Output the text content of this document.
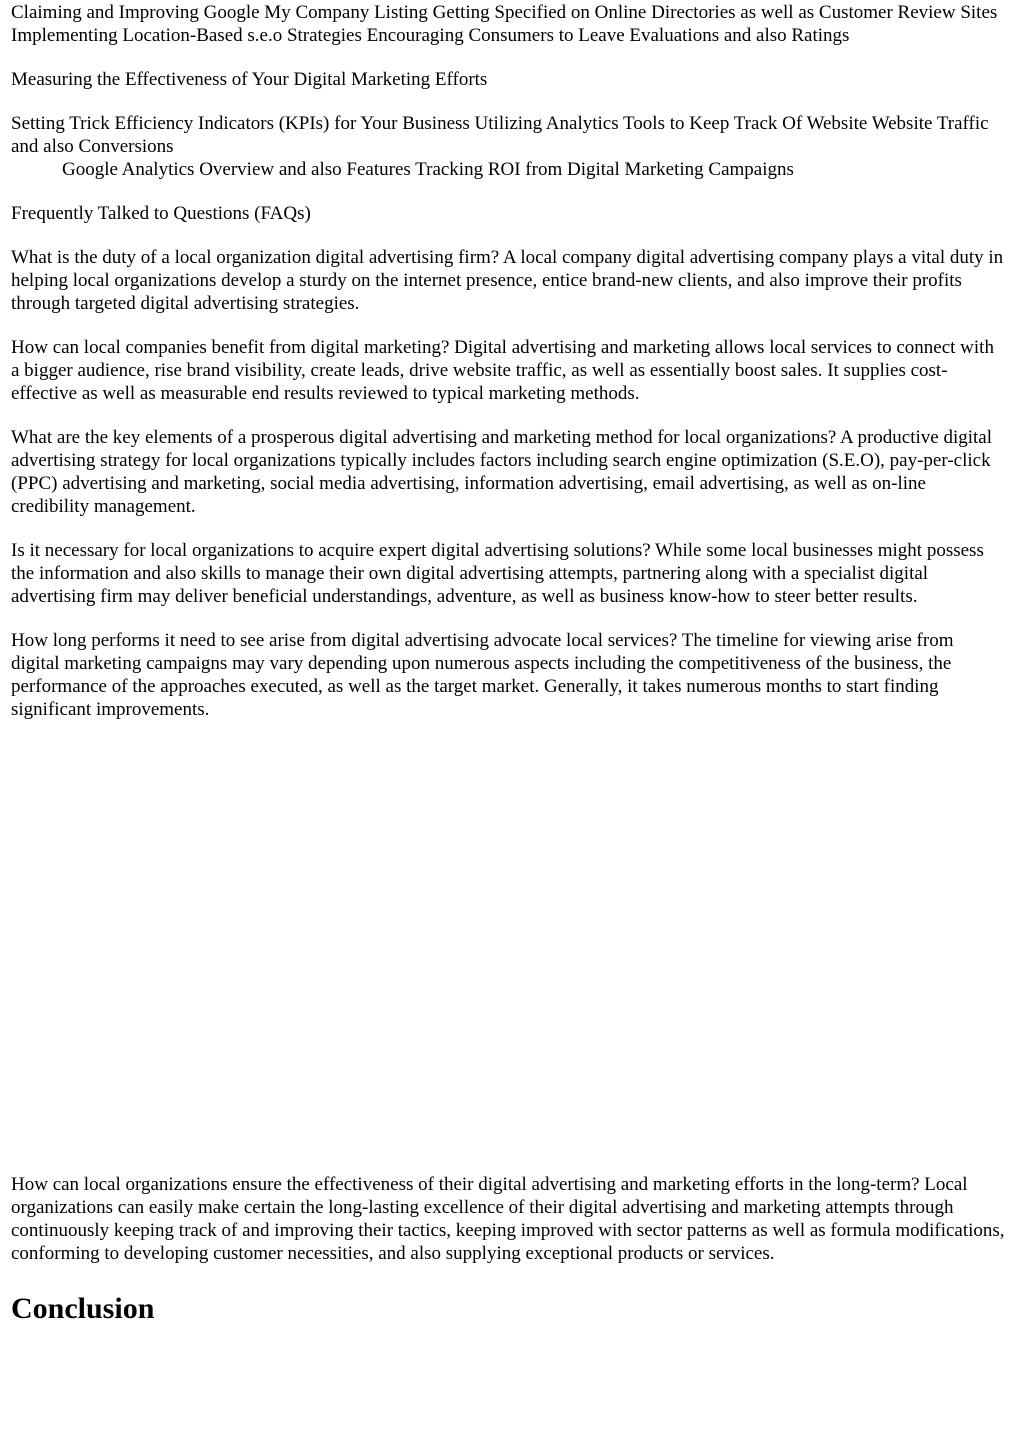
Claiming and Improving Google My Company Listing Getting Specified on Online Directories as well as Customer Review Sites Implementing Location-Based s.e.o Strategies Encouraging Consumers to Leave Evaluations and also Ratings

Measuring the Effectiveness of Your Digital Marketing Efforts

Setting Trick Efficiency Indicators (KPIs) for Your Business Utilizing Analytics Tools to Keep Track Of Website Website Traffic and also Conversions

Google Analytics Overview and also Features Tracking ROI from Digital Marketing Campaigns

Frequently Talked to Questions (FAQs)

What is the duty of a local organization digital advertising firm? A local company digital advertising company plays a vital duty in helping local organizations develop a sturdy on the internet presence, entice brand-new clients, and also improve their profits through targeted digital advertising strategies.

How can local companies benefit from digital marketing? Digital advertising and marketing allows local services to connect with a bigger audience, rise brand visibility, create leads, drive website traffic, as well as essentially boost sales. It supplies cost-effective as well as measurable end results reviewed to typical marketing methods.

What are the key elements of a prosperous digital advertising and marketing method for local organizations? A productive digital advertising strategy for local organizations typically includes factors including search engine optimization (S.E.O), pay-per-click (PPC) advertising and marketing, social media advertising, information advertising, email advertising, as well as on-line credibility management.

Is it necessary for local organizations to acquire expert digital advertising solutions? While some local businesses might possess the information and also skills to manage their own digital advertising attempts, partnering along with a specialist digital advertising firm may deliver beneficial understandings, adventure, as well as business know-how to steer better results.

How long performs it need to see arise from digital advertising advocate local services? The timeline for viewing arise from digital marketing campaigns may vary depending upon numerous aspects including the competitiveness of the business, the performance of the approaches executed, as well as the target market. Generally, it takes numerous months to start finding significant improvements.

How can local organizations ensure the effectiveness of their digital advertising and marketing efforts in the long-term? Local organizations can easily make certain the long-lasting excellence of their digital advertising and marketing attempts through continuously keeping track of and improving their tactics, keeping improved with sector patterns as well as formula modifications, conforming to developing customer necessities, and also supplying exceptional products or services.

Conclusion
